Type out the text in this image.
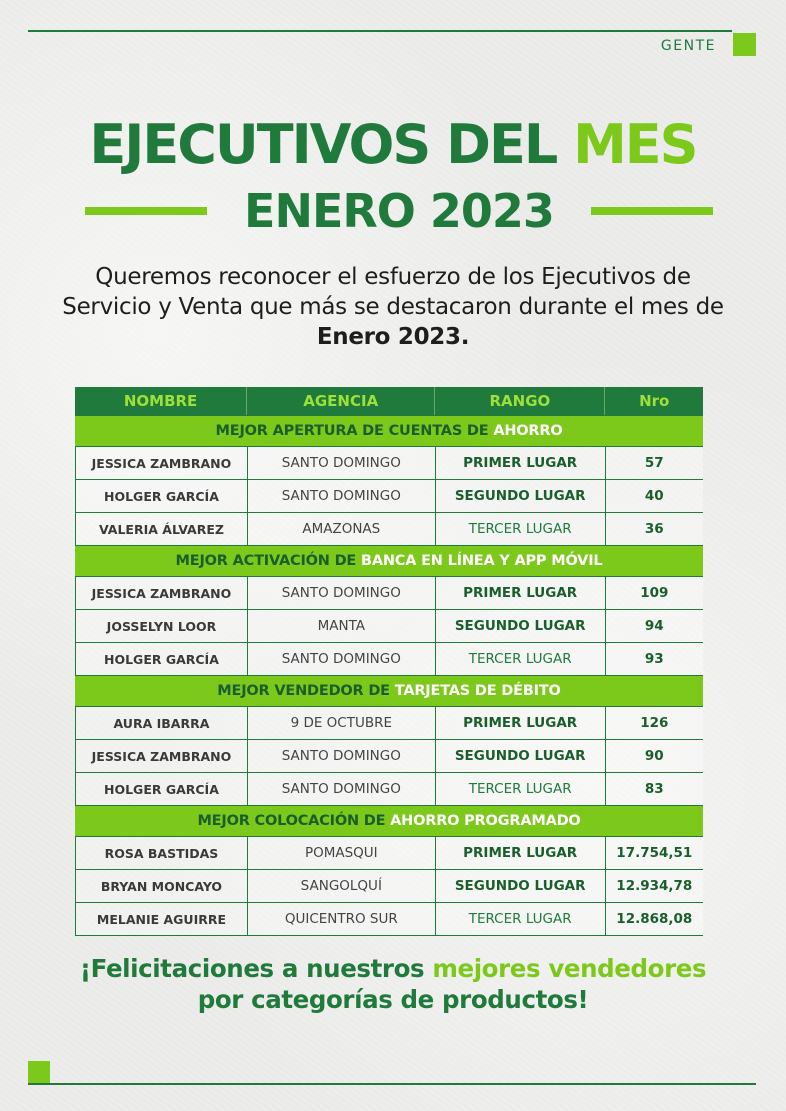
GENTE
EJECUTIVOS DEL MES
ENERO 2023
Queremos reconocer el esfuerzo de los Ejecutivos de Servicio y Venta que más se destacaron durante el mes de Enero 2023.
NOMBRE	AGENCIA	RANGO	Nro
MEJOR APERTURA DE CUENTAS DE
AHORRO
JESSICA ZAMBRANO	SANTO DOMINGO	PRIMER LUGAR	57
HOLGER GARCÍA	SANTO DOMINGO	SEGUNDO LUGAR	40
VALERIA ÁLVAREZ	AMAZONAS	TERCER LUGAR	36
MEJOR ACTIVACIÓN DE
BANCA EN LÍNEA Y APP MÓVIL
JESSICA ZAMBRANO	SANTO DOMINGO	PRIMER LUGAR	109
JOSSELYN LOOR	MANTA	SEGUNDO LUGAR	94
HOLGER GARCÍA	SANTO DOMINGO	TERCER LUGAR	93
MEJOR VENDEDOR DE
TARJETAS DE DÉBITO
AURA IBARRA	9 DE OCTUBRE	PRIMER LUGAR	126
JESSICA ZAMBRANO	SANTO DOMINGO	SEGUNDO LUGAR	90
HOLGER GARCÍA	SANTO DOMINGO	TERCER LUGAR	83
MEJOR COLOCACIÓN DE
AHORRO PROGRAMADO
ROSA BASTIDAS	POMASQUI	PRIMER LUGAR	17.754,51
BRYAN MONCAYO	SANGOLQUÍ	SEGUNDO LUGAR	12.934,78
MELANIE AGUIRRE	QUICENTRO SUR	TERCER LUGAR	12.868,08
¡Felicitaciones a nuestros mejores vendedores
por categorías de productos!
